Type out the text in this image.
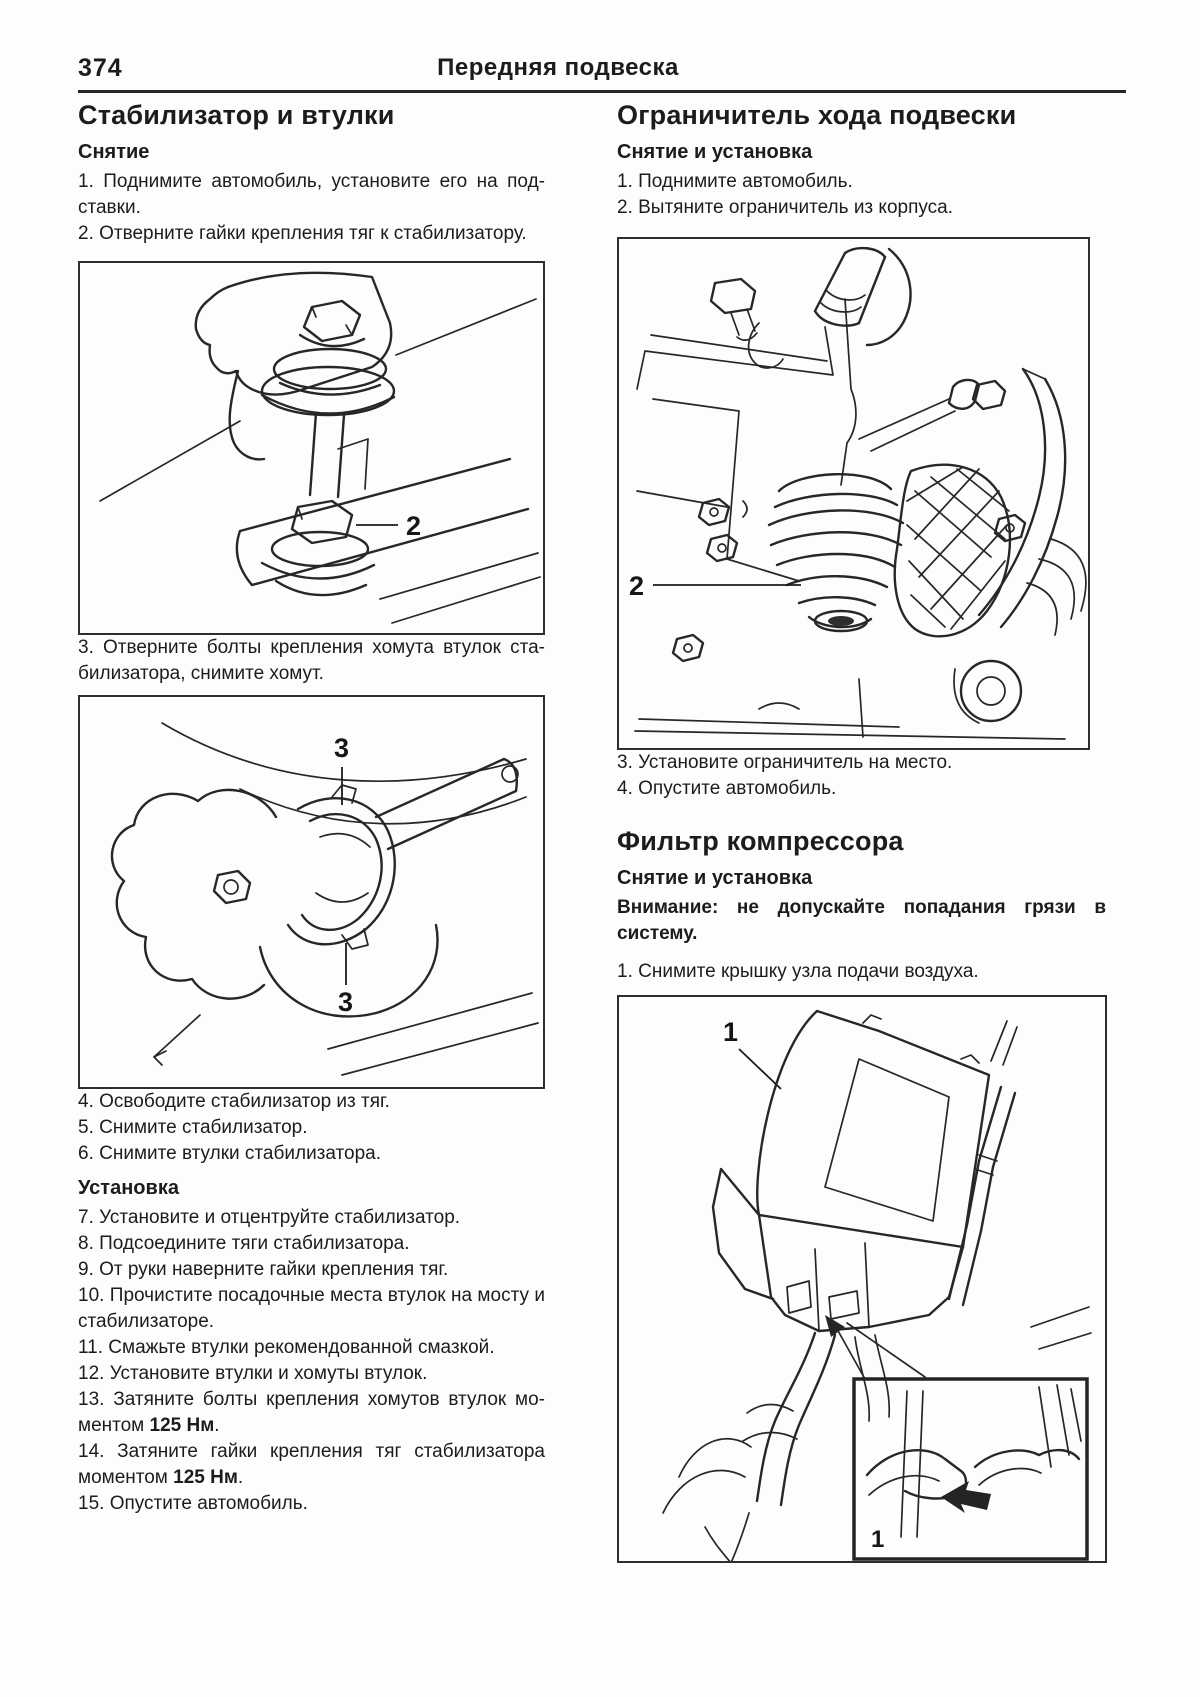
374	Передняя подвеска
Стабилизатор и втулки
Снятие

1. Поднимите автомобиль, установите его на подставки.

2. Отверните гайки крепления тяг к стабилизатору.

2

3. Отверните болты крепления хомута втулок стабилизатора, снимите хомут.

3
3

4. Освободите стабилизатор из тяг.

5. Снимите стабилизатор.

6. Снимите втулки стабилизатора.

Установка

7. Установите и отцентруйте стабилизатор.

8. Подсоедините тяги стабилизатора.

9. От руки наверните гайки крепления тяг.

10. Прочистите посадочные места втулок на мосту и стабилизаторе.

11. Смажьте втулки рекомендованной смазкой.

12. Установите втулки и хомуты втулок.

13. Затяните болты крепления хомутов втулок моментом 125 Нм.

14. Затяните гайки крепления тяг стабилизатора моментом 125 Нм.

15. Опустите автомобиль.

Ограничитель хода подвески
Снятие и установка

1. Поднимите автомобиль.

2. Вытяните ограничитель из корпуса.

2

3. Установите ограничитель на место.

4. Опустите автомобиль.

Фильтр компрессора
Снятие и установка

Внимание: не допускайте попадания грязи в систему.

1. Снимите крышку узла подачи воздуха.

1
1
